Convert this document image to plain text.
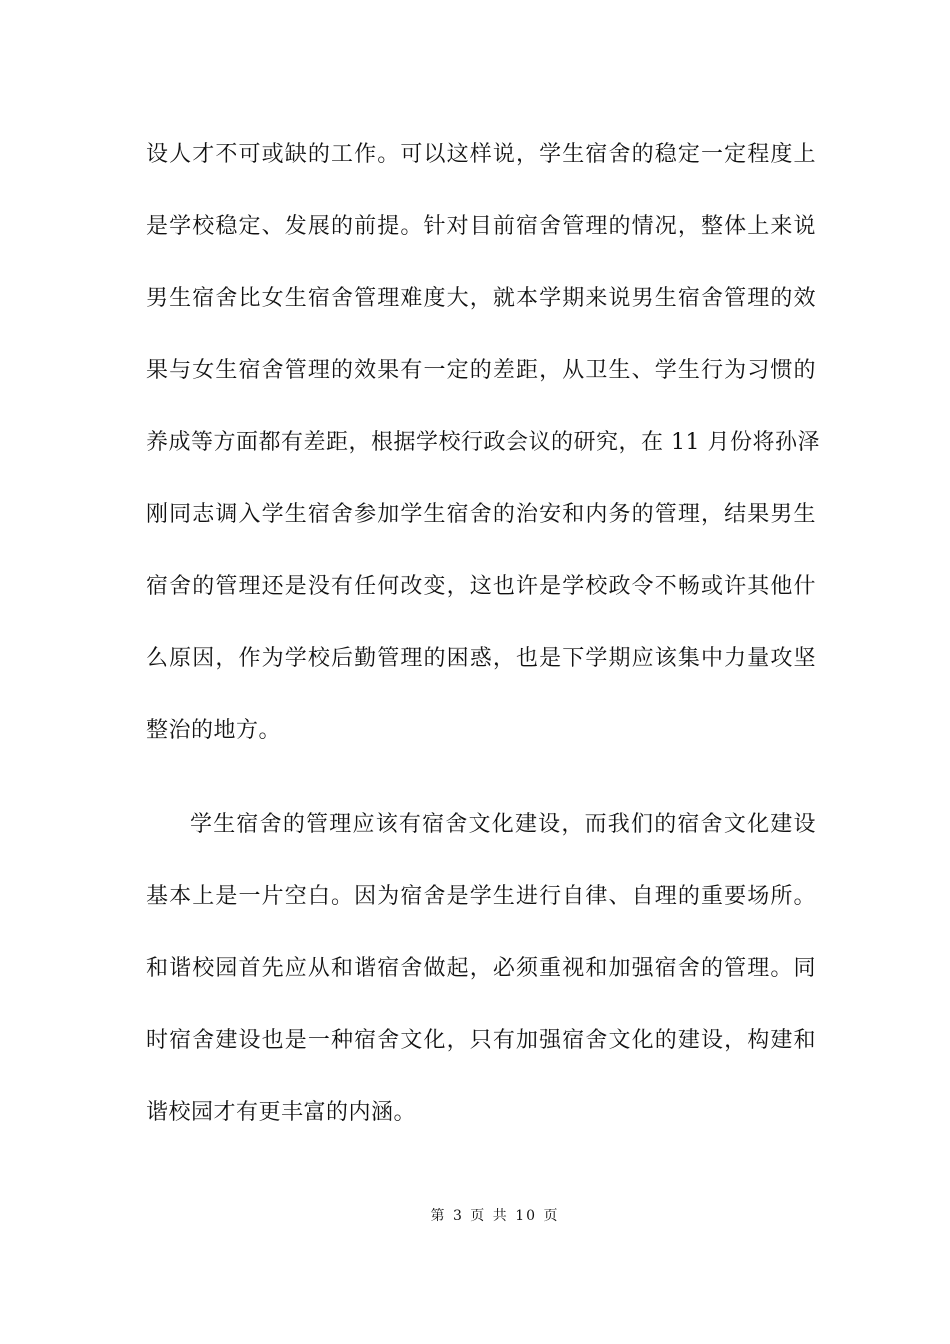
设人才不可或缺的工作。可以这样说，学生宿舍的稳定一定程度上
是学校稳定、发展的前提。针对目前宿舍管理的情况，整体上来说
男生宿舍比女生宿舍管理难度大，就本学期来说男生宿舍管理的效
果与女生宿舍管理的效果有一定的差距，从卫生、学生行为习惯的
养成等方面都有差距，根据学校行政会议的研究，在 11 月份将孙泽
刚同志调入学生宿舍参加学生宿舍的治安和内务的管理，结果男生
宿舍的管理还是没有任何改变，这也许是学校政令不畅或许其他什
么原因，作为学校后勤管理的困惑，也是下学期应该集中力量攻坚
整治的地方。
学生宿舍的管理应该有宿舍文化建设，而我们的宿舍文化建设
基本上是一片空白。因为宿舍是学生进行自律、自理的重要场所。
和谐校园首先应从和谐宿舍做起，必须重视和加强宿舍的管理。同
时宿舍建设也是一种宿舍文化，只有加强宿舍文化的建设，构建和
谐校园才有更丰富的内涵。
第 3 页 共 10 页
